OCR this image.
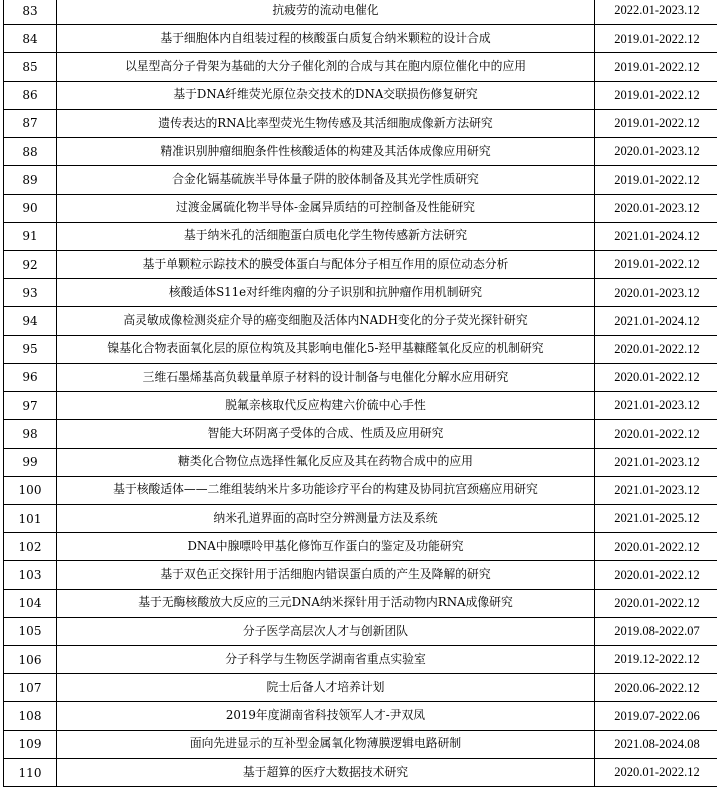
83	抗疲劳的流动电催化	2022.01-2023.12
84	基于细胞体内自组装过程的核酸蛋白质复合纳米颗粒的设计合成	2019.01-2022.12
85	以星型高分子骨架为基础的大分子催化剂的合成与其在胞内原位催化中的应用	2019.01-2022.12
86	基于DNA纤维荧光原位杂交技术的DNA交联损伤修复研究	2019.01-2022.12
87	遗传表达的RNA比率型荧光生物传感及其活细胞成像新方法研究	2019.01-2022.12
88	精准识别肿瘤细胞条件性核酸适体的构建及其活体成像应用研究	2020.01-2023.12
89	合金化镉基硫族半导体量子阱的胶体制备及其光学性质研究	2019.01-2022.12
90	过渡金属硫化物半导体-金属异质结的可控制备及性能研究	2020.01-2023.12
91	基于纳米孔的活细胞蛋白质电化学生物传感新方法研究	2021.01-2024.12
92	基于单颗粒示踪技术的膜受体蛋白与配体分子相互作用的原位动态分析	2019.01-2022.12
93	核酸适体S11e对纤维肉瘤的分子识别和抗肿瘤作用机制研究	2020.01-2023.12
94	高灵敏成像检测炎症介导的癌变细胞及活体内NADH变化的分子荧光探针研究	2021.01-2024.12
95	镍基化合物表面氧化层的原位构筑及其影响电催化5-羟甲基糠醛氧化反应的机制研究	2020.01-2022.12
96	三维石墨烯基高负载量单原子材料的设计制备与电催化分解水应用研究	2020.01-2022.12
97	脱氟亲核取代反应构建六价硫中心手性	2021.01-2023.12
98	智能大环阴离子受体的合成、性质及应用研究	2020.01-2022.12
99	糖类化合物位点选择性氟化反应及其在药物合成中的应用	2021.01-2023.12
100	基于核酸适体——二维组装纳米片多功能诊疗平台的构建及协同抗宫颈癌应用研究	2021.01-2023.12
101	纳米孔道界面的高时空分辨测量方法及系统	2021.01-2025.12
102	DNA中腺嘌呤甲基化修饰互作蛋白的鉴定及功能研究	2020.01-2022.12
103	基于双色正交探针用于活细胞内错误蛋白质的产生及降解的研究	2020.01-2022.12
104	基于无酶核酸放大反应的三元DNA纳米探针用于活动物内RNA成像研究	2020.01-2022.12
105	分子医学高层次人才与创新团队	2019.08-2022.07
106	分子科学与生物医学湖南省重点实验室	2019.12-2022.12
107	院士后备人才培养计划	2020.06-2022.12
108	2019年度湖南省科技领军人才-尹双凤	2019.07-2022.06
109	面向先进显示的互补型金属氧化物薄膜逻辑电路研制	2021.08-2024.08
110	基于超算的医疗大数据技术研究	2020.01-2022.12
